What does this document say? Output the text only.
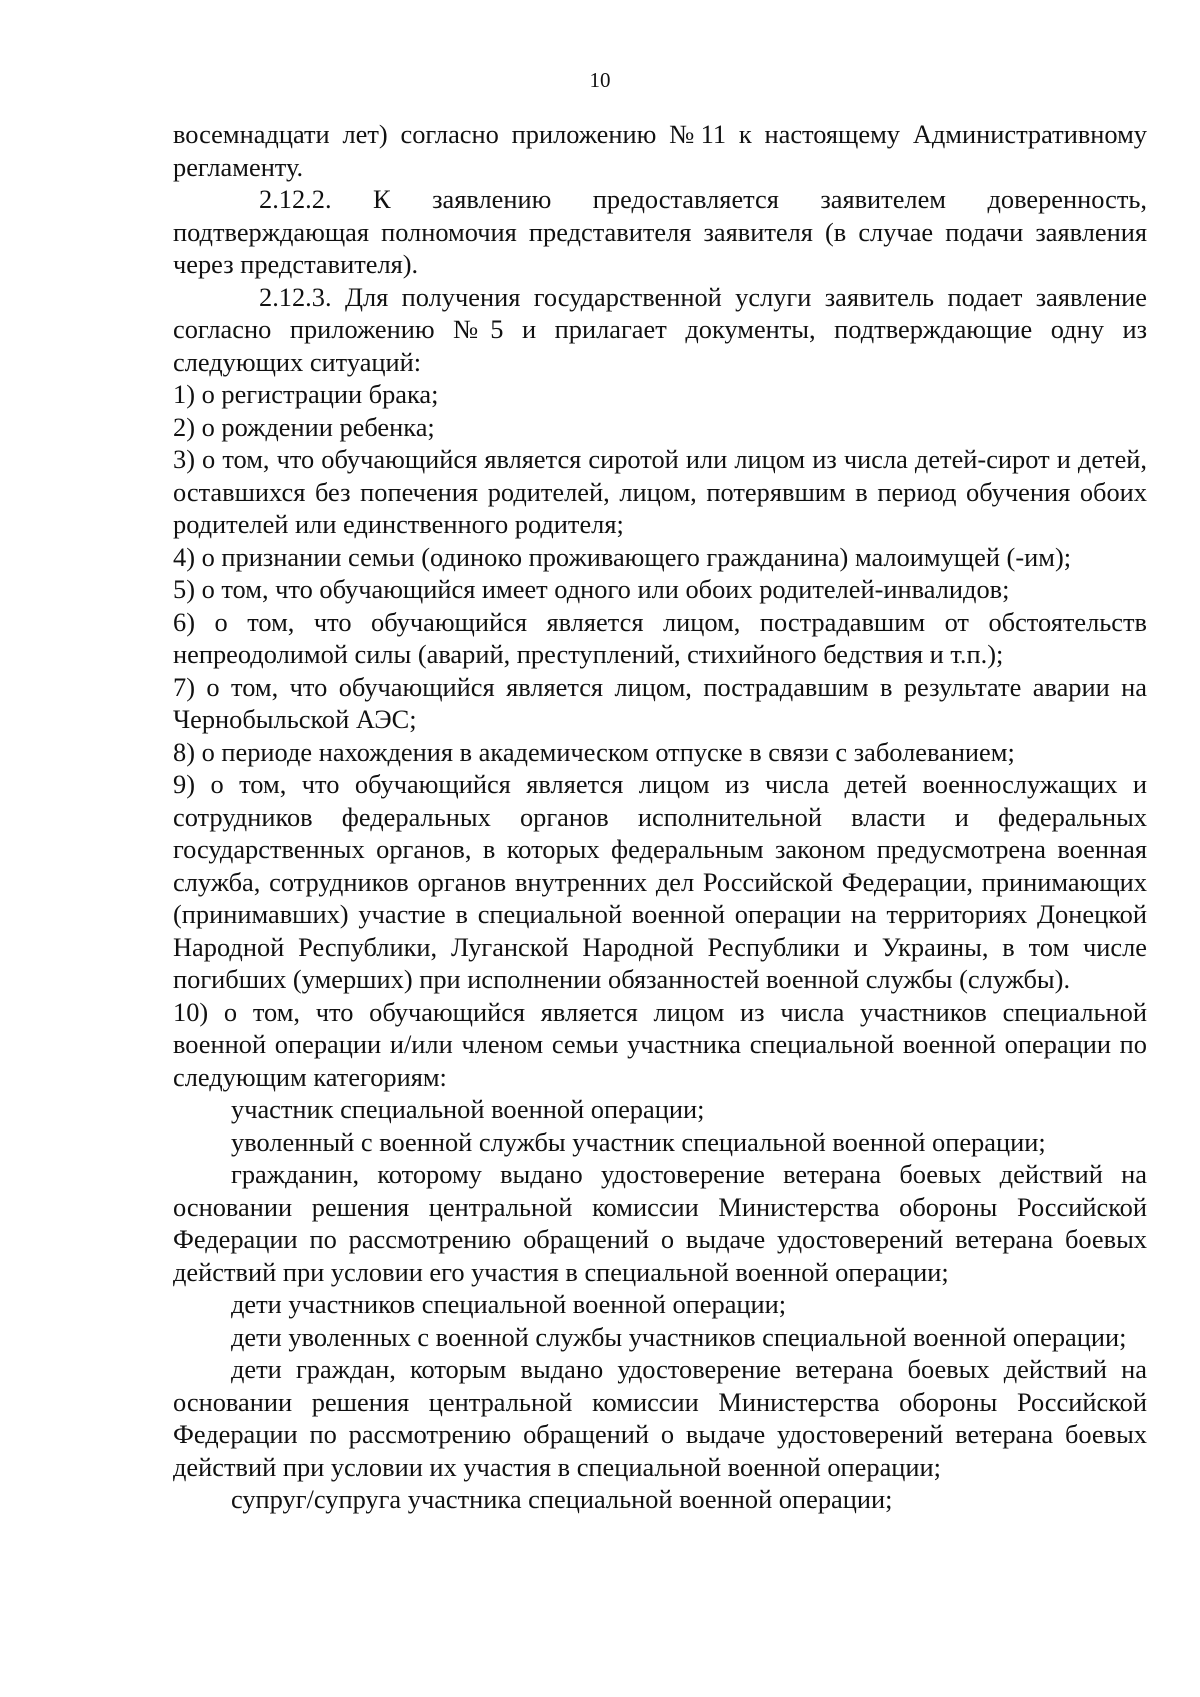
10

восемнадцати лет) согласно приложению №11 к настоящему Административному регламенту.

2.12.2. К заявлению предоставляется заявителем доверенность, подтверждающая полномочия представителя заявителя (в случае подачи заявления через представителя).

2.12.3. Для получения государственной услуги заявитель подает заявление согласно приложению №5 и прилагает документы, подтверждающие одну из следующих ситуаций:

1) о регистрации брака;

2) о рождении ребенка;

3) о том, что обучающийся является сиротой или лицом из числа детей-сирот и детей, оставшихся без попечения родителей, лицом, потерявшим в период обучения обоих родителей или единственного родителя;

4) о признании семьи (одиноко проживающего гражданина) малоимущей (-им);

5) о том, что обучающийся имеет одного или обоих родителей-инвалидов;

6) о том, что обучающийся является лицом, пострадавшим от обстоятельств непреодолимой силы (аварий, преступлений, стихийного бедствия и т.п.);

7) о том, что обучающийся является лицом, пострадавшим в результате аварии на Чернобыльской АЭС;

8) о периоде нахождения в академическом отпуске в связи с заболеванием;

9) о том, что обучающийся является лицом из числа детей военнослужащих и сотрудников федеральных органов исполнительной власти и федеральных государственных органов, в которых федеральным законом предусмотрена военная служба, сотрудников органов внутренних дел Российской Федерации, принимающих (принимавших) участие в специальной военной операции на территориях Донецкой Народной Республики, Луганской Народной Республики и Украины, в том числе погибших (умерших) при исполнении обязанностей военной службы (службы).

10) о том, что обучающийся является лицом из числа участников специальной военной операции и/или членом семьи участника специальной военной операции по следующим категориям:

участник специальной военной операции;

уволенный с военной службы участник специальной военной операции;

гражданин, которому выдано удостоверение ветерана боевых действий на основании решения центральной комиссии Министерства обороны Российской Федерации по рассмотрению обращений о выдаче удостоверений ветерана боевых действий при условии его участия в специальной военной операции;

дети участников специальной военной операции;

дети уволенных с военной службы участников специальной военной операции;

дети граждан, которым выдано удостоверение ветерана боевых действий на основании решения центральной комиссии Министерства обороны Российской Федерации по рассмотрению обращений о выдаче удостоверений ветерана боевых действий при условии их участия в специальной военной операции;

супруг/супруга участника специальной военной операции;
